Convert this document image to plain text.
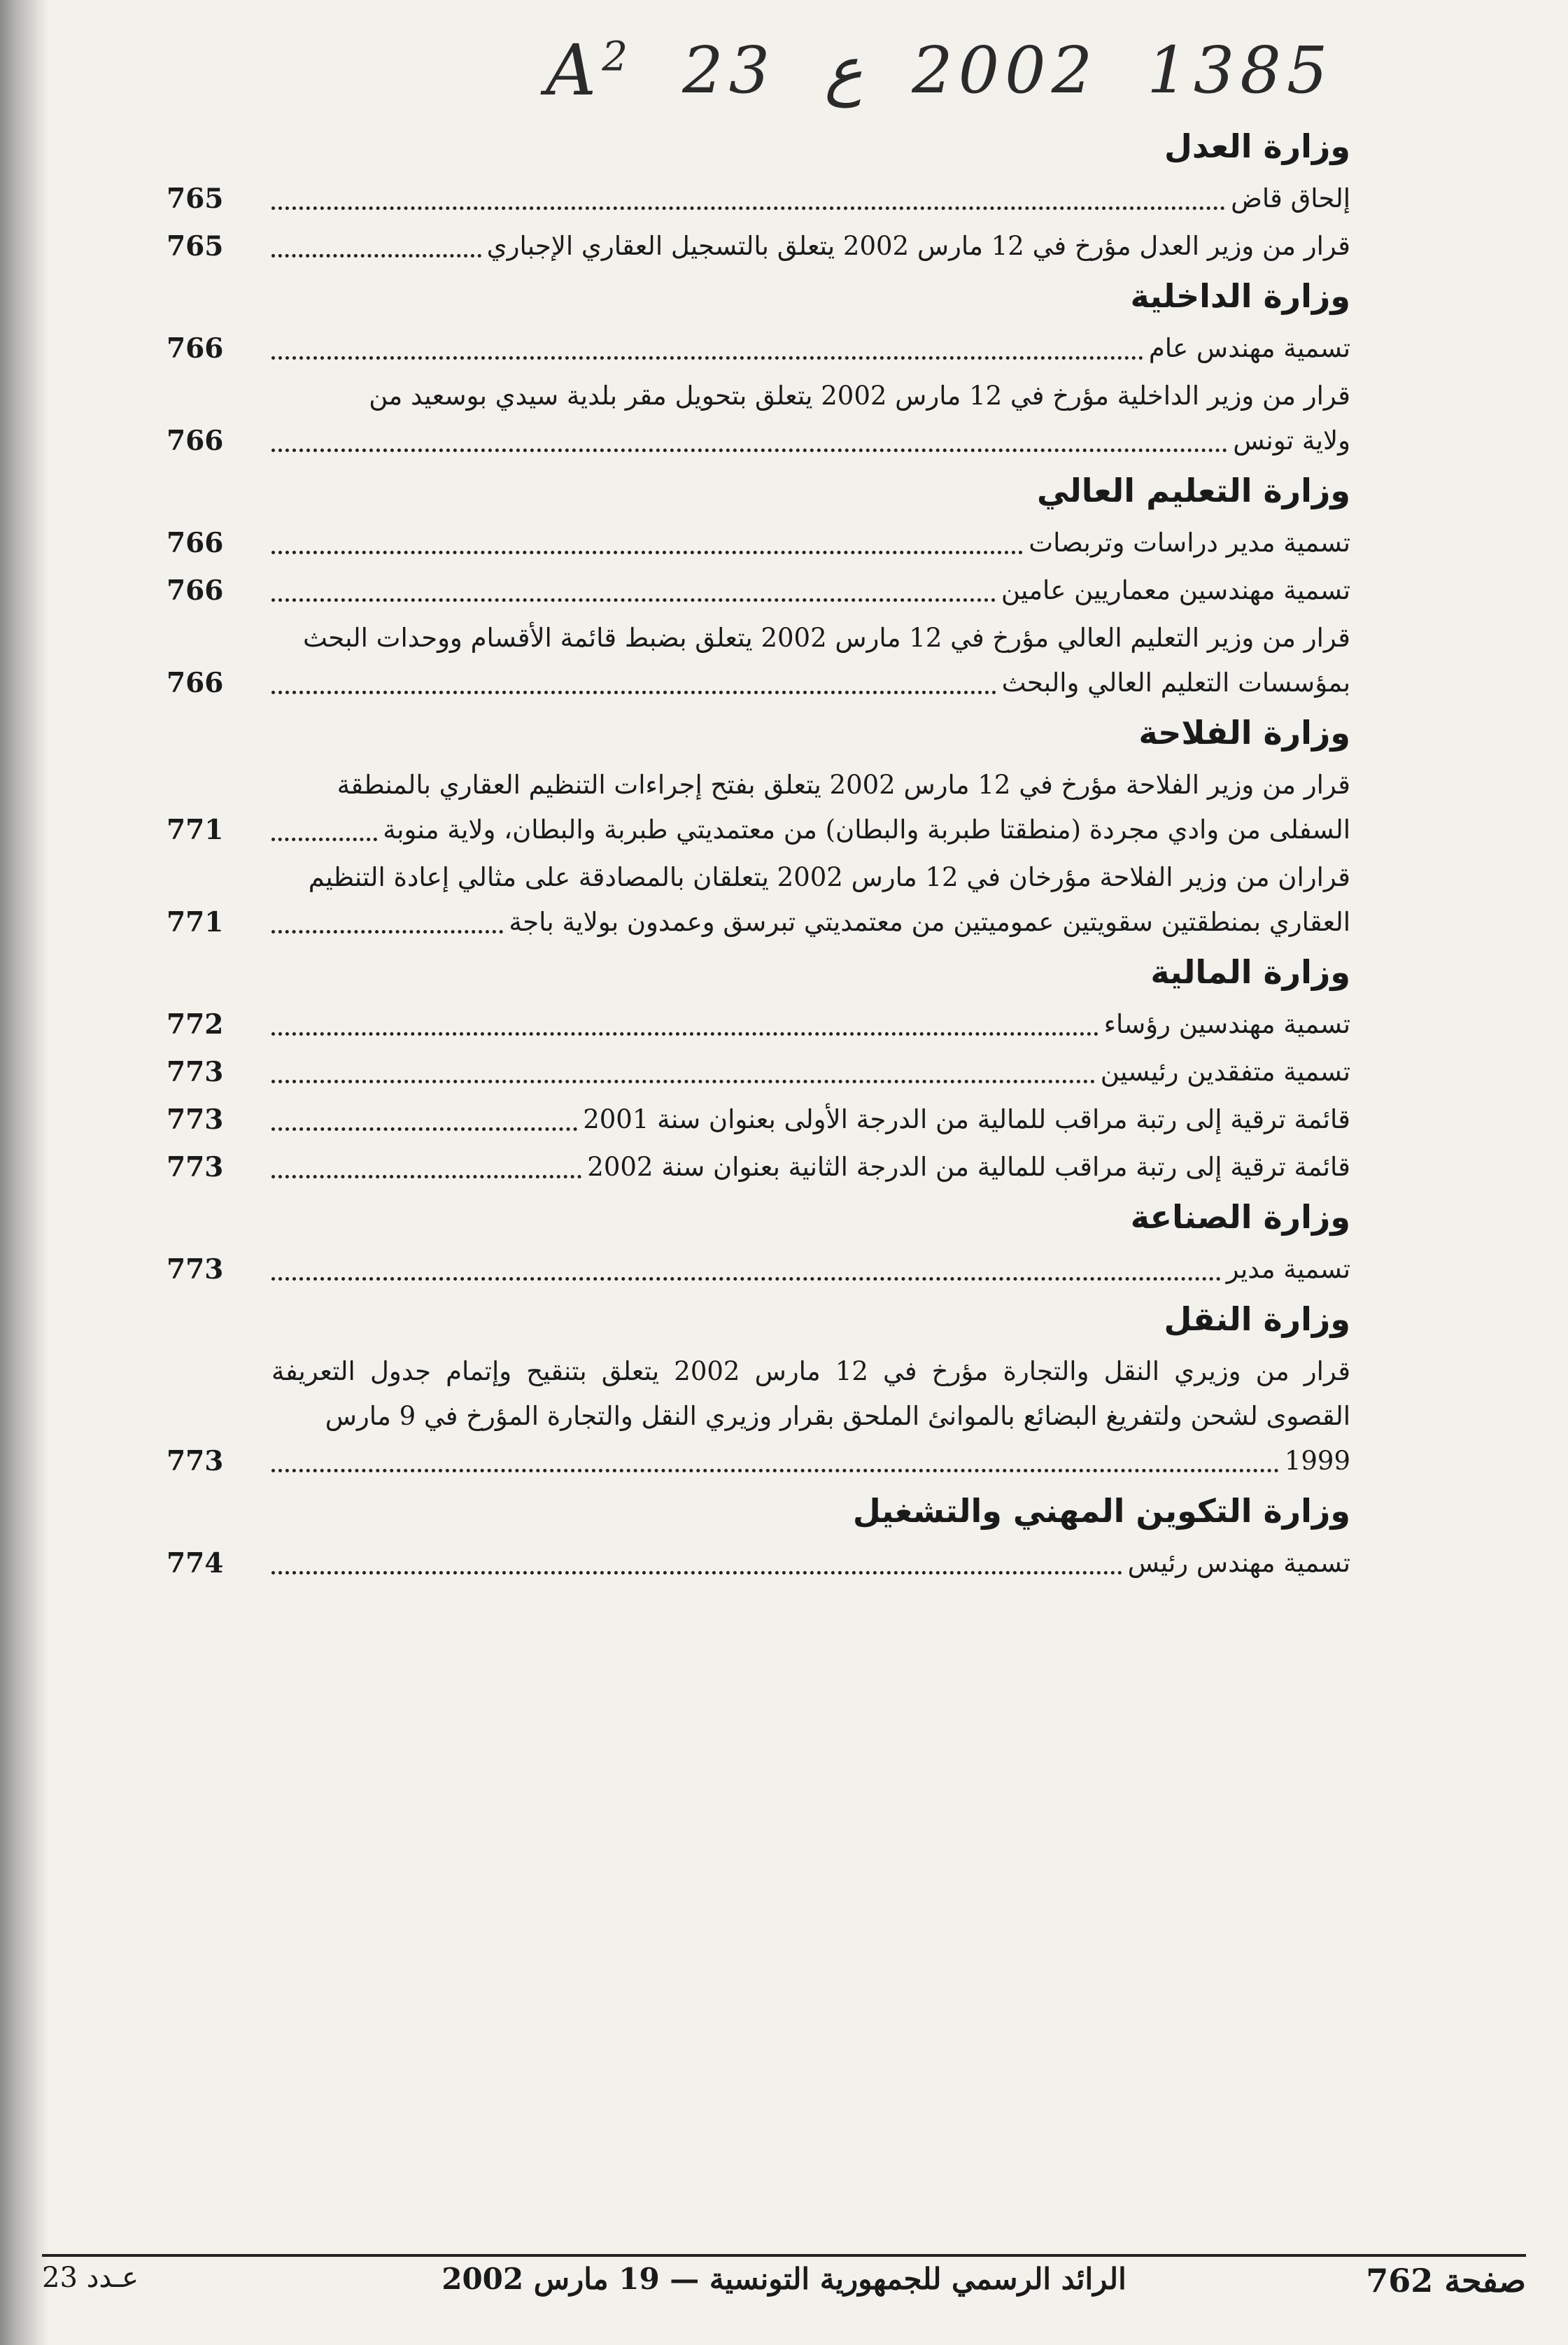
$A^2$ 23 ع 2002 1385
وزارة العدل
إلحاق قاض
765
قرار من وزير العدل مؤرخ في 12 مارس 2002 يتعلق بالتسجيل العقاري الإجباري
765
وزارة الداخلية
تسمية مهندس عام
766
قرار من وزير الداخلية مؤرخ في 12 مارس 2002 يتعلق بتحويل مقر بلدية سيدي بوسعيد من
ولاية تونس
766
وزارة التعليم العالي
تسمية مدير دراسات وتربصات
766
تسمية مهندسين معماريين عامين
766
قرار من وزير التعليم العالي مؤرخ في 12 مارس 2002 يتعلق بضبط قائمة الأقسام ووحدات البحث
بمؤسسات التعليم العالي والبحث
766
وزارة الفلاحة
قرار من وزير الفلاحة مؤرخ في 12 مارس 2002 يتعلق بفتح إجراءات التنظيم العقاري بالمنطقة
السفلى من وادي مجردة (منطقتا طبربة والبطان) من معتمديتي طبربة والبطان، ولاية منوبة
771
قراران من وزير الفلاحة مؤرخان في 12 مارس 2002 يتعلقان بالمصادقة على مثالي إعادة التنظيم
العقاري بمنطقتين سقويتين عموميتين من معتمديتي تبرسق وعمدون بولاية باجة
771
وزارة المالية
تسمية مهندسين رؤساء
772
تسمية متفقدين رئيسين
773
قائمة ترقية إلى رتبة مراقب للمالية من الدرجة الأولى بعنوان سنة 2001
773
قائمة ترقية إلى رتبة مراقب للمالية من الدرجة الثانية بعنوان سنة 2002
773
وزارة الصناعة
تسمية مدير
773
وزارة النقل
قرار من وزيري النقل والتجارة مؤرخ في 12 مارس 2002 يتعلق بتنقيح وإتمام جدول التعريفة القصوى لشحن ولتفريغ البضائع بالموانئ الملحق بقرار وزيري النقل والتجارة المؤرخ في 9 مارس
1999
773
وزارة التكوين المهني والتشغيل
تسمية مهندس رئيس
774
صفحة 762
الرائد الرسمي للجمهورية التونسية — 19 مارس 2002
عـدد 23
